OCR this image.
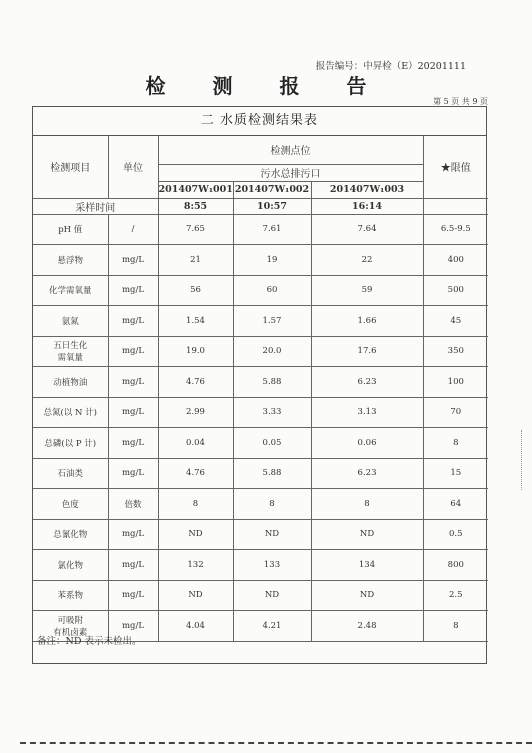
报告编号：中昇检（E）20201111
检 测 报 告
第 5 页 共 9 页
二 水质检测结果表
检测项目	单位	检测点位			★限值
		污水总排污口			
		201407W₁001	201407W₁002	201407W₁003	
采样时间		8:55	10:57	16:14	
pH 值	/	7.65	7.61	7.64	6.5-9.5
悬浮物	mg/L	21	19	22	400
化学需氧量	mg/L	56	60	59	500
氨氮	mg/L	1.54	1.57	1.66	45
五日生化
需氧量	mg/L	19.0	20.0	17.6	350
动植物油	mg/L	4.76	5.88	6.23	100
总氮(以 N 计)	mg/L	2.99	3.33	3.13	70
总磷(以 P 计)	mg/L	0.04	0.05	0.06	8
石油类	mg/L	4.76	5.88	6.23	15
色度	倍数	8	8	8	64
总氰化物	mg/L	ND	ND	ND	0.5
氯化物	mg/L	132	133	134	800
苯系物	mg/L	ND	ND	ND	2.5
可吸附
有机卤素	mg/L	4.04	4.21	2.48	8
备注：ND 表示未检出。
